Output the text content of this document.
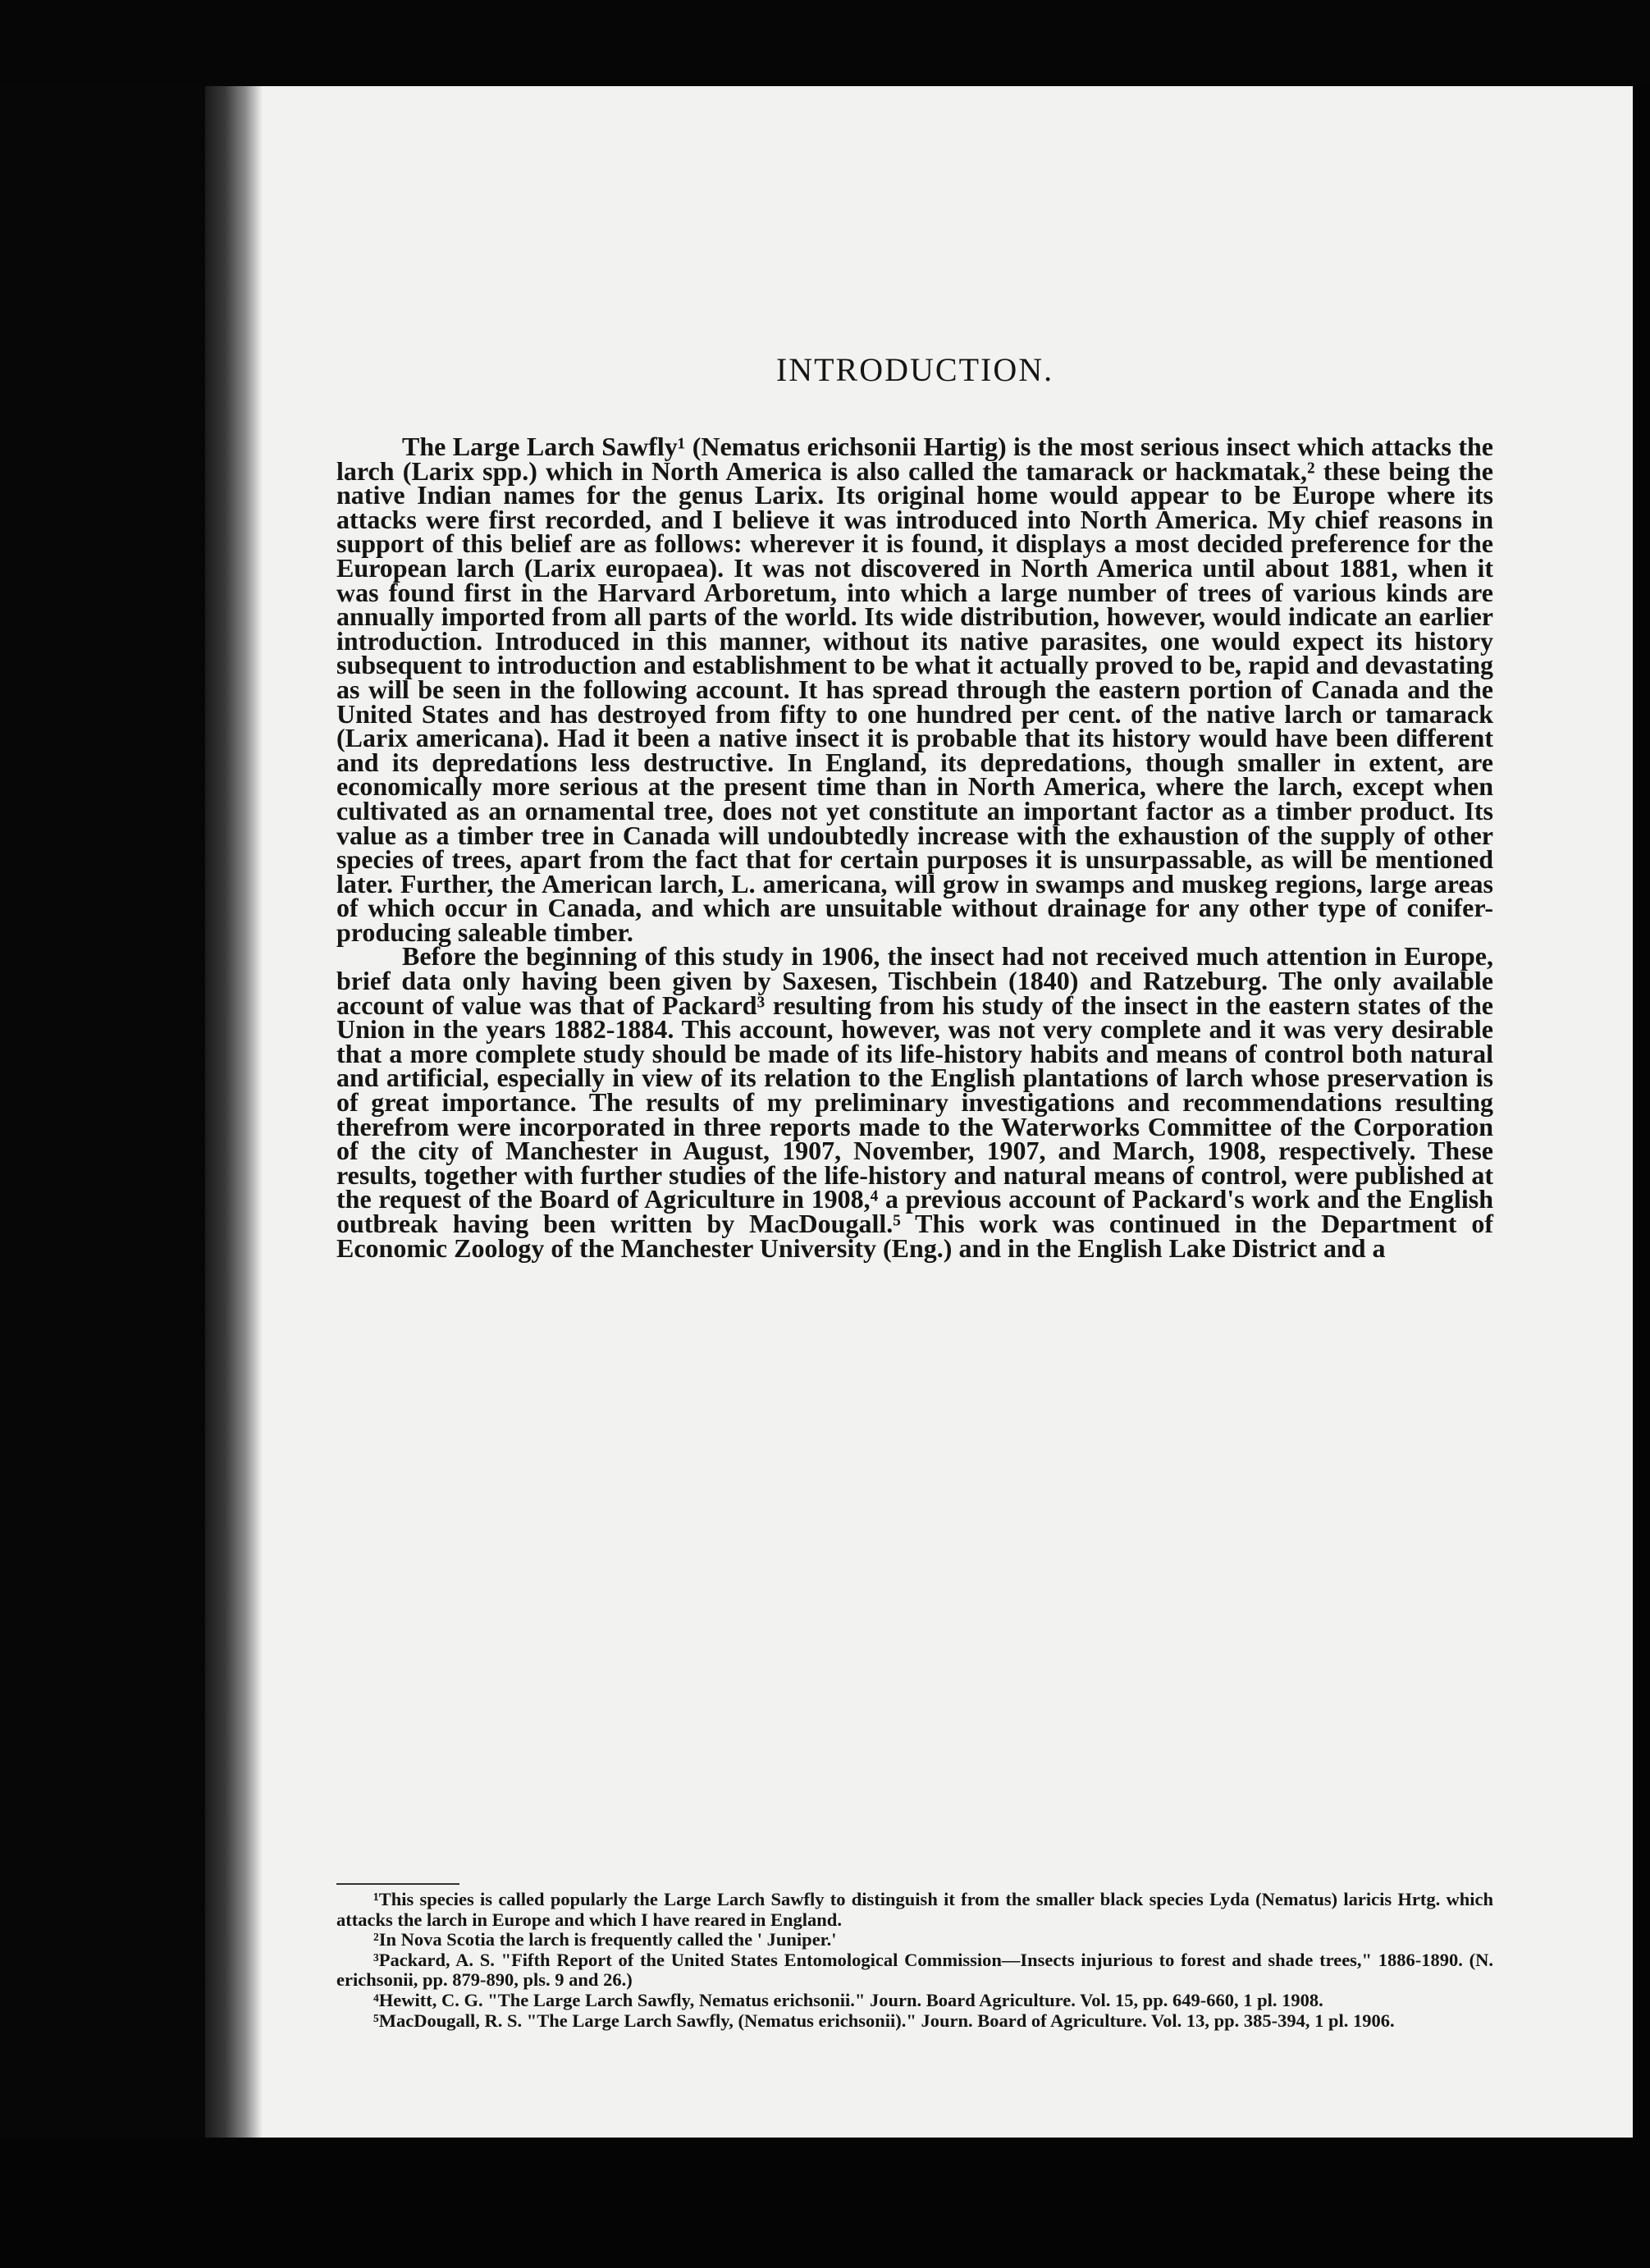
INTRODUCTION.

The Large Larch Sawfly¹ (Nematus erichsonii Hartig) is the most serious insect which attacks the larch (Larix spp.) which in North America is also called the tamarack or hackmatak,² these being the native Indian names for the genus Larix. Its original home would appear to be Europe where its attacks were first recorded, and I believe it was introduced into North America. My chief reasons in support of this belief are as follows: wherever it is found, it displays a most decided preference for the European larch (Larix europaea). It was not discovered in North America until about 1881, when it was found first in the Harvard Arboretum, into which a large number of trees of various kinds are annually imported from all parts of the world. Its wide distribution, however, would indicate an earlier introduction. Introduced in this manner, without its native parasites, one would expect its history subsequent to introduction and establishment to be what it actually proved to be, rapid and devastating as will be seen in the following account. It has spread through the eastern portion of Canada and the United States and has destroyed from fifty to one hundred per cent. of the native larch or tamarack (Larix americana). Had it been a native insect it is probable that its history would have been different and its depredations less destructive. In England, its depredations, though smaller in extent, are economically more serious at the present time than in North America, where the larch, except when cultivated as an ornamental tree, does not yet constitute an important factor as a timber product. Its value as a timber tree in Canada will undoubtedly increase with the exhaustion of the supply of other species of trees, apart from the fact that for certain purposes it is unsurpassable, as will be mentioned later. Further, the American larch, L. americana, will grow in swamps and muskeg regions, large areas of which occur in Canada, and which are unsuitable without drainage for any other type of conifer-producing saleable timber.

Before the beginning of this study in 1906, the insect had not received much attention in Europe, brief data only having been given by Saxesen, Tischbein (1840) and Ratzeburg. The only available account of value was that of Packard³ resulting from his study of the insect in the eastern states of the Union in the years 1882-1884. This account, however, was not very complete and it was very desirable that a more complete study should be made of its life-history habits and means of control both natural and artificial, especially in view of its relation to the English plantations of larch whose preservation is of great importance. The results of my preliminary investigations and recommendations resulting therefrom were incorporated in three reports made to the Waterworks Committee of the Corporation of the city of Manchester in August, 1907, November, 1907, and March, 1908, respectively. These results, together with further studies of the life-history and natural means of control, were published at the request of the Board of Agriculture in 1908,⁴ a previous account of Packard's work and the English outbreak having been written by MacDougall.⁵ This work was continued in the Department of Economic Zoology of the Manchester University (Eng.) and in the English Lake District and a

¹This species is called popularly the Large Larch Sawfly to distinguish it from the smaller black species Lyda (Nematus) laricis Hrtg. which attacks the larch in Europe and which I have reared in England.

²In Nova Scotia the larch is frequently called the ' Juniper.'

³Packard, A. S. "Fifth Report of the United States Entomological Commission—Insects injurious to forest and shade trees," 1886-1890. (N. erichsonii, pp. 879-890, pls. 9 and 26.)

⁴Hewitt, C. G. "The Large Larch Sawfly, Nematus erichsonii." Journ. Board Agriculture. Vol. 15, pp. 649-660, 1 pl. 1908.

⁵MacDougall, R. S. "The Large Larch Sawfly, (Nematus erichsonii)." Journ. Board of Agriculture. Vol. 13, pp. 385-394, 1 pl. 1906.
